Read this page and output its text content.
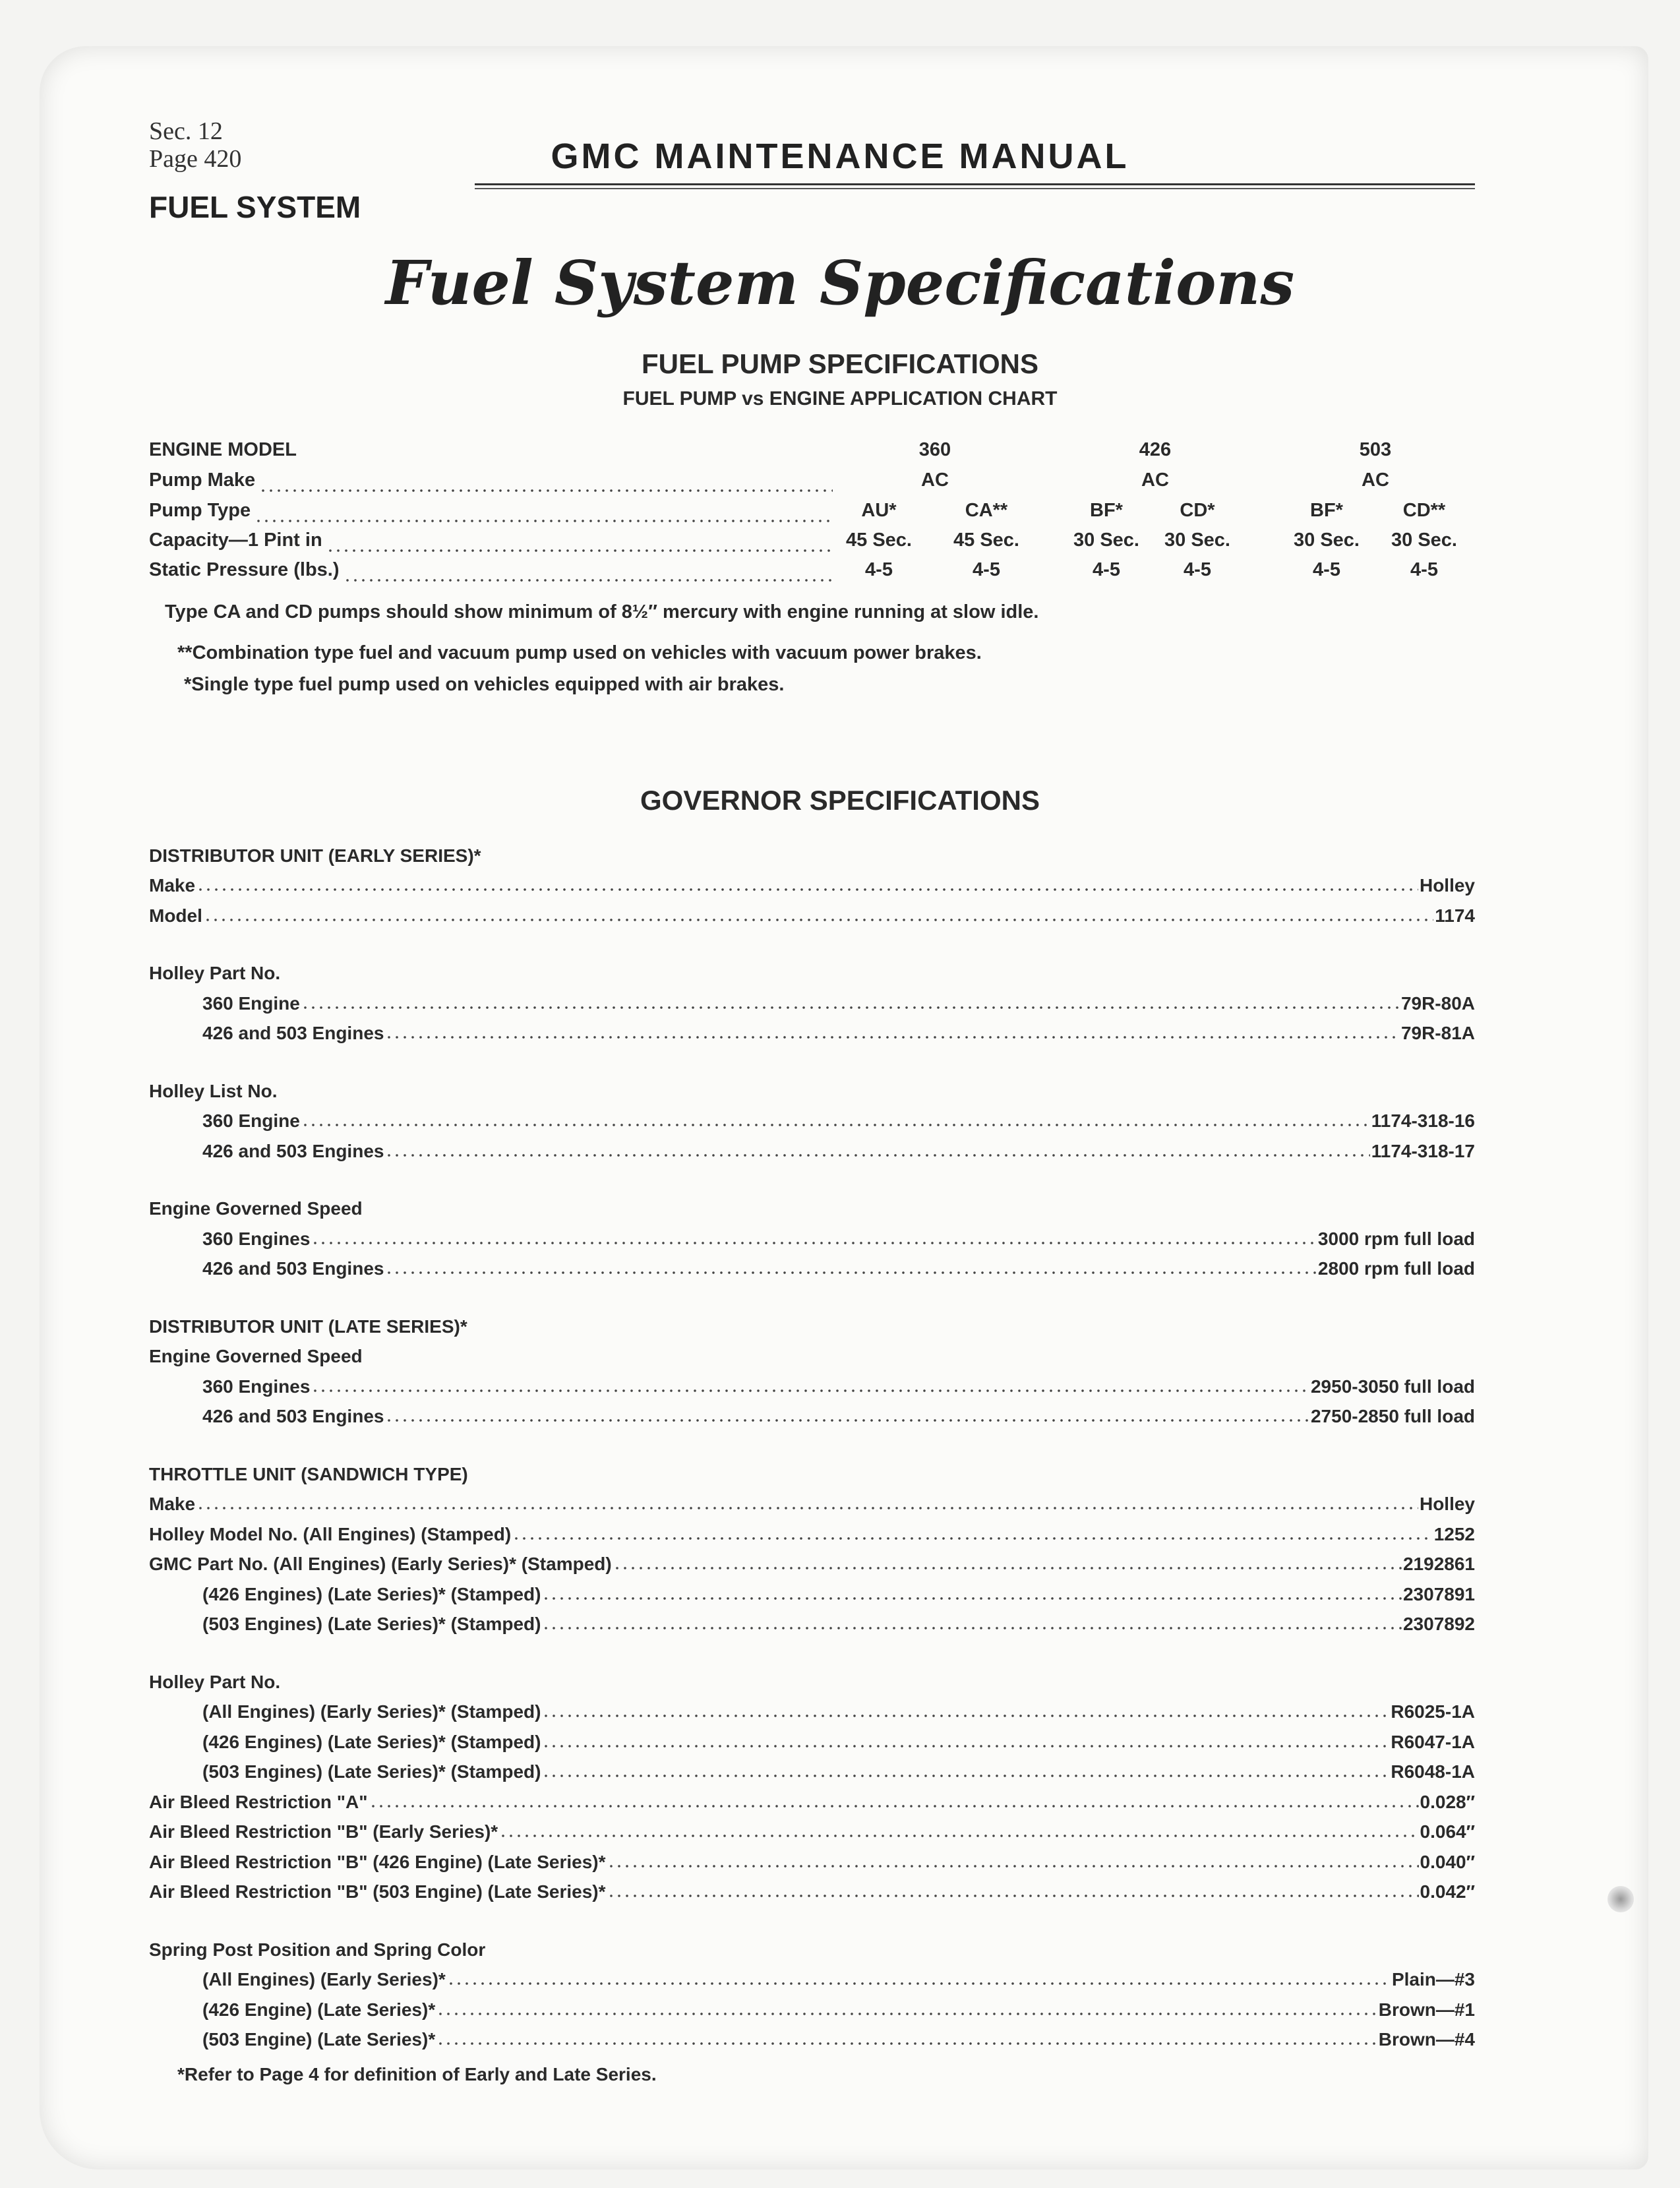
Sec. 12
Page 420	GMC MAINTENANCE MANUAL
FUEL SYSTEM
Fuel System Specifications
FUEL PUMP SPECIFICATIONS
FUEL PUMP vs ENGINE APPLICATION CHART
ENGINE MODEL	360	426	503
Pump Make	AC	AC	AC
Pump Type	AU*	CA**	BF*	CD*	BF*	CD**
Capacity—1 Pint in	45 Sec. 45 Sec.	30 Sec. 30 Sec.	30 Sec. 30 Sec.
Static Pressure (lbs.)	4-5	4-5	4-5	4-5	4-5	4-5
Type CA and CD pumps should show minimum of 8½″ mercury with engine running at slow idle.
**Combination type fuel and vacuum pump used on vehicles with vacuum power brakes.
*Single type fuel pump used on vehicles equipped with air brakes.
GOVERNOR SPECIFICATIONS
DISTRIBUTOR UNIT (EARLY SERIES)*
Make	Holley
Model	1174
Holley Part No.
360 Engine	79R-80A
426 and 503 Engines	79R-81A
Holley List No.
360 Engine	1174-318-16
426 and 503 Engines	1174-318-17
Engine Governed Speed
360 Engines	3000 rpm full load
426 and 503 Engines	2800 rpm full load
DISTRIBUTOR UNIT (LATE SERIES)*
Engine Governed Speed
360 Engines	2950-3050 full load
426 and 503 Engines	2750-2850 full load
THROTTLE UNIT (SANDWICH TYPE)
Make	Holley
Holley Model No. (All Engines) (Stamped)	1252
GMC Part No. (All Engines) (Early Series)* (Stamped)	2192861
(426 Engines) (Late Series)* (Stamped)	2307891
(503 Engines) (Late Series)* (Stamped)	2307892
Holley Part No.
(All Engines) (Early Series)* (Stamped)	R6025-1A
(426 Engines) (Late Series)* (Stamped)	R6047-1A
(503 Engines) (Late Series)* (Stamped)	R6048-1A
Air Bleed Restriction "A"	0.028″
Air Bleed Restriction "B" (Early Series)*	0.064″
Air Bleed Restriction "B" (426 Engine) (Late Series)*	0.040″
Air Bleed Restriction "B" (503 Engine) (Late Series)*	0.042″
Spring Post Position and Spring Color
(All Engines) (Early Series)*	Plain—#3
(426 Engine) (Late Series)*	Brown—#1
(503 Engine) (Late Series)*	Brown—#4
*Refer to Page 4 for definition of Early and Late Series.
